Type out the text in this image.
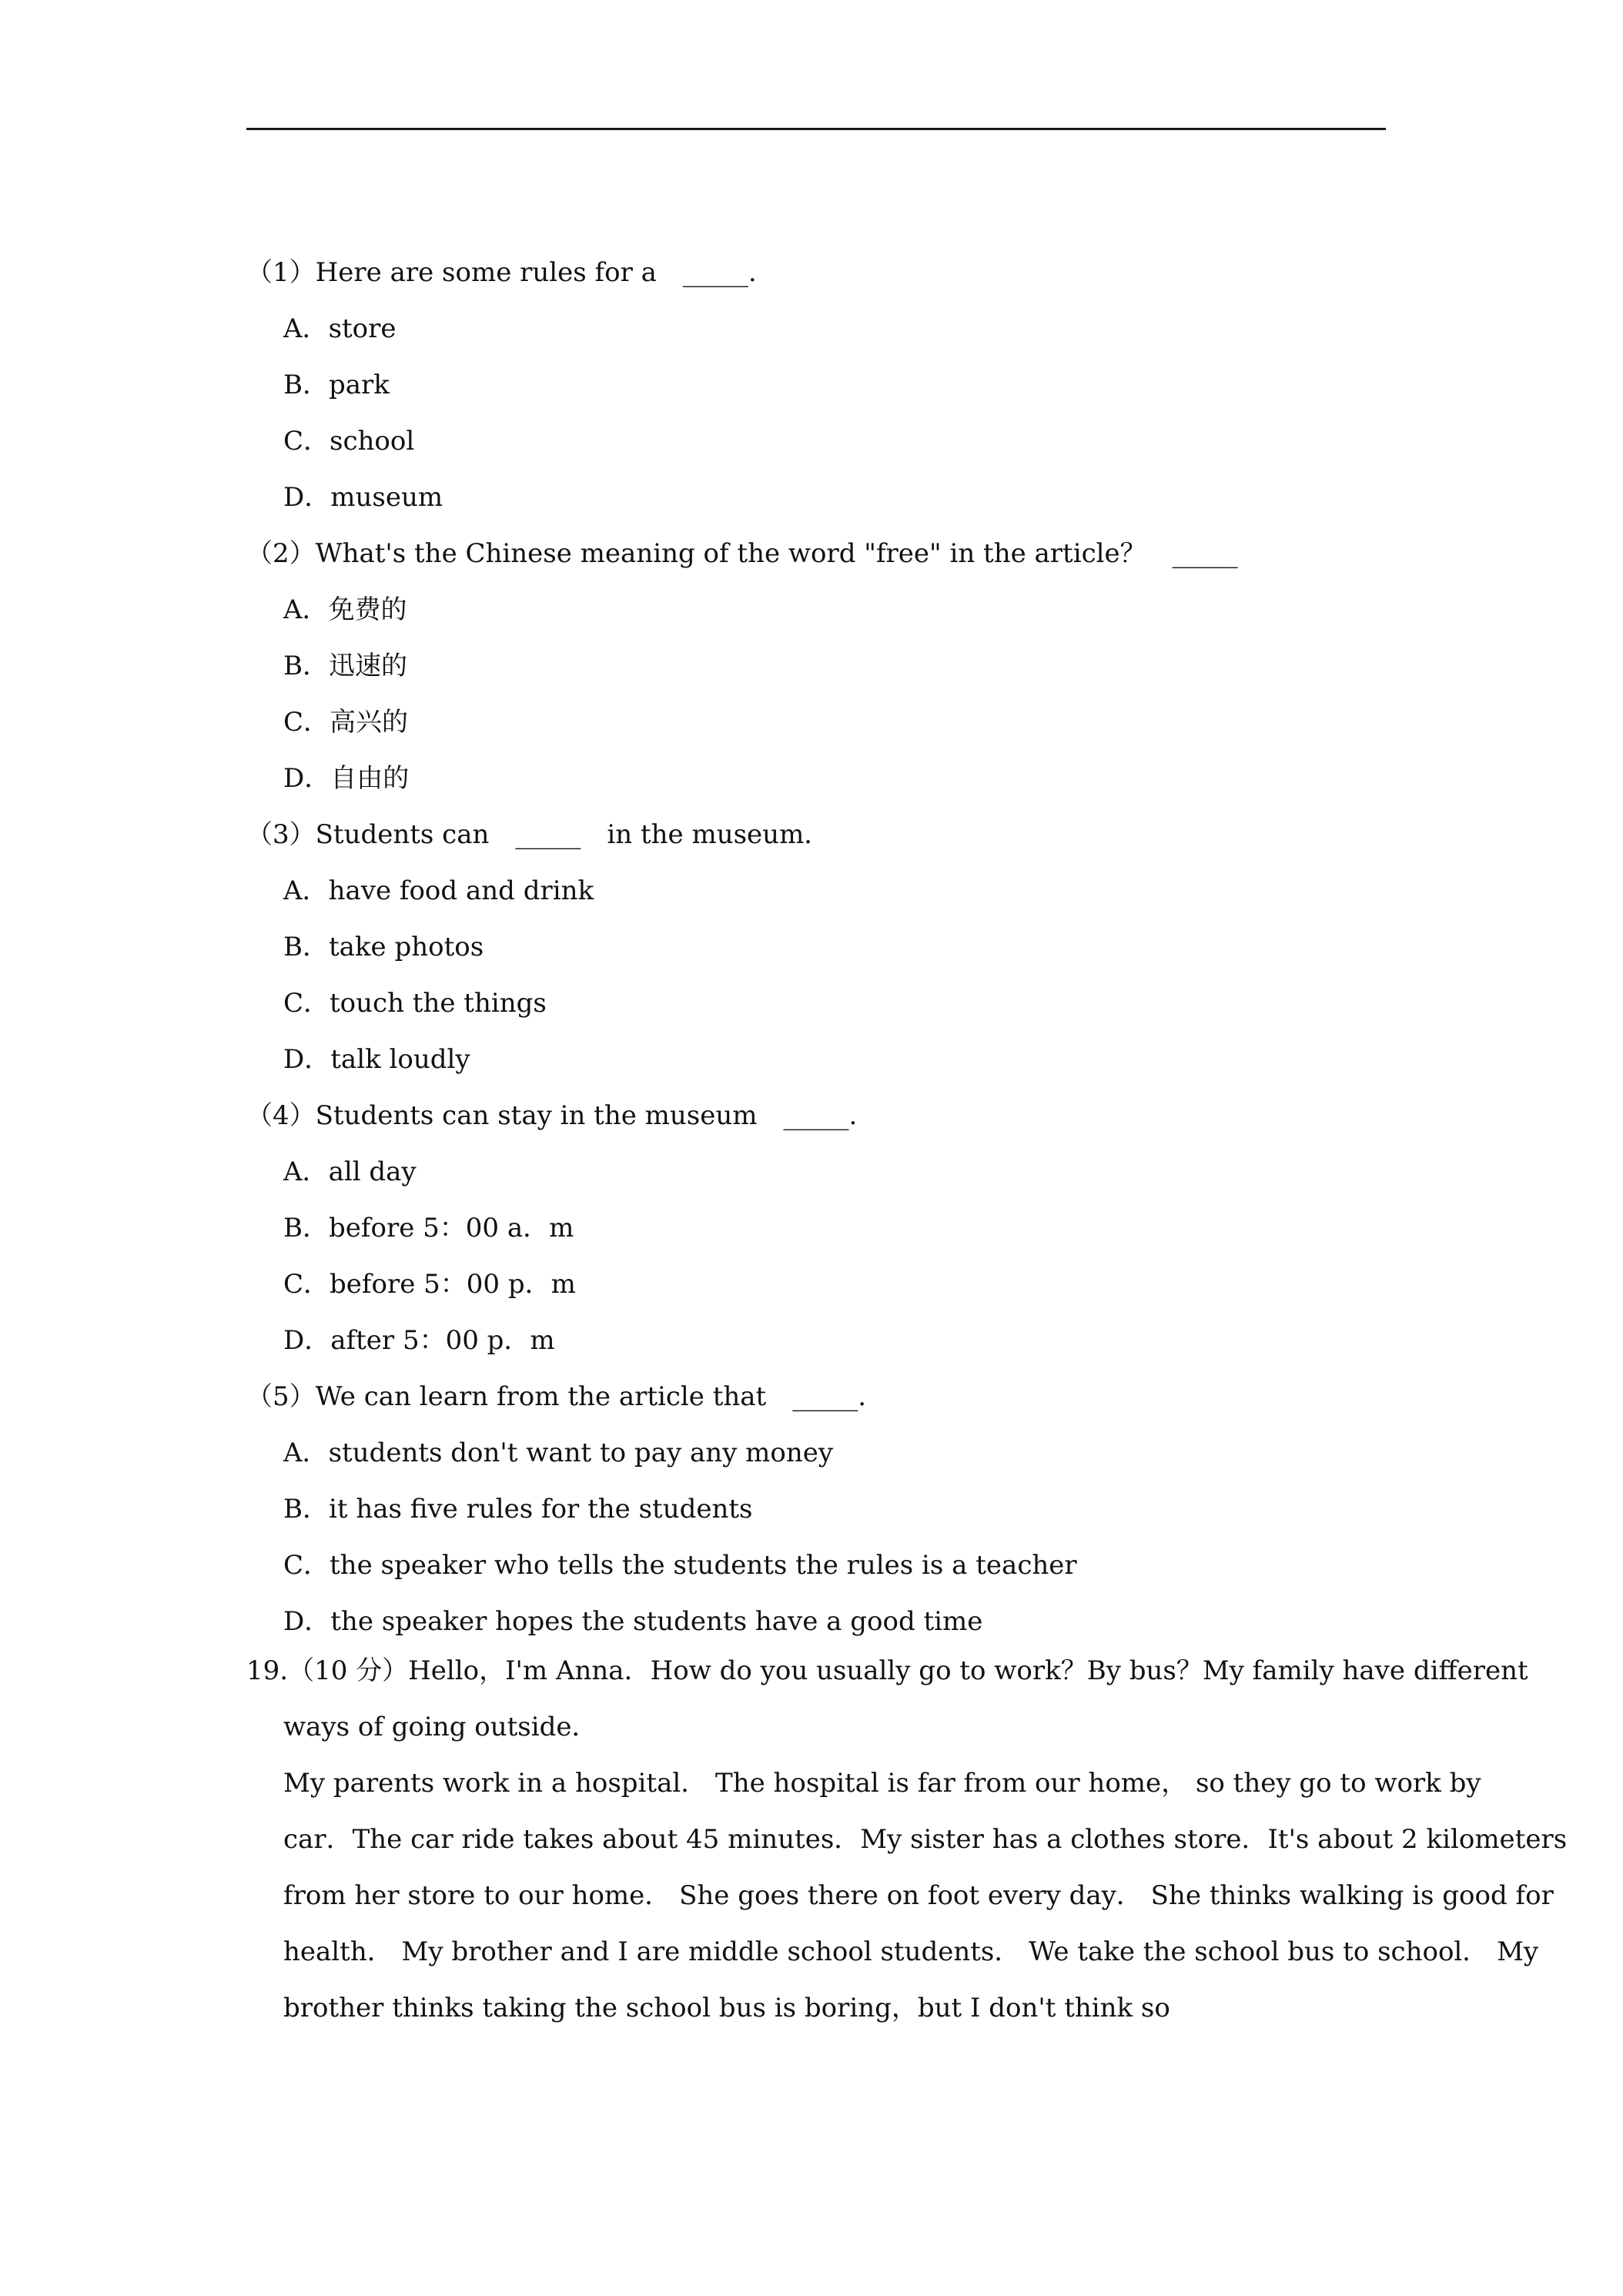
（1）Here are some rules for a　_____.
A．store
B．park
C．school
D．museum
（2）What's the Chinese meaning of the word "free" in the article？　_____
A．免费的
B．迅速的
C．高兴的
D．自由的
（3）Students can　_____　in the museum．
A．have food and drink
B．take photos
C．touch the things
D．talk loudly
（4）Students can stay in the museum　_____.
A．all day
B．before 5：00 a．m
C．before 5：00 p．m
D．after 5：00 p．m
（5）We can learn from the article that　_____.
A．students don't want to pay any money
B．it has five rules for the students
C．the speaker who tells the students the rules is a teacher
D．the speaker hopes the students have a good time
19.（10 分）Hello，I'm Anna．How do you usually go to work？By bus？My family have different
ways of going outside．
My parents work in a hospital． The hospital is far from our home， so they go to work by
car．The car ride takes about 45 minutes．My sister has a clothes store．It's about 2 kilometers
from her store to our home． She goes there on foot every day． She thinks walking is good for
health． My brother and I are middle school students． We take the school bus to school． My
brother thinks taking the school bus is boring，but I don't think so
